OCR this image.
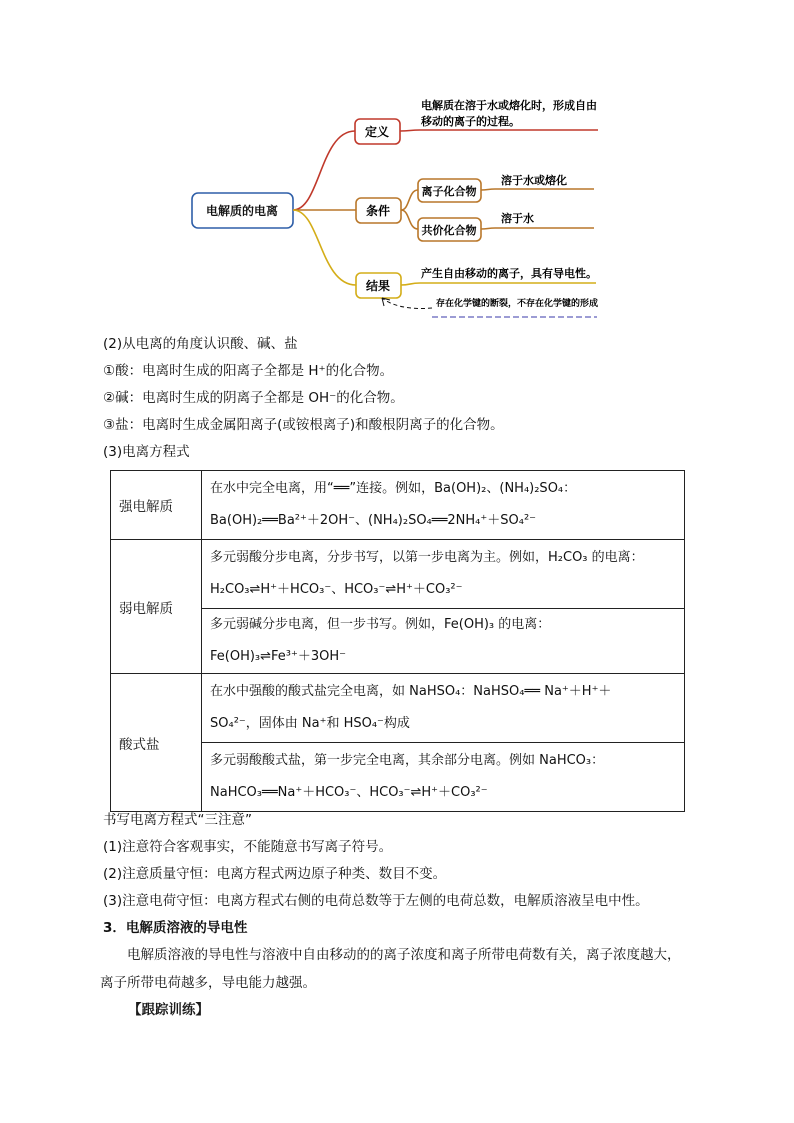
电解质的电离
定义
电解质在溶于水或熔化时，形成自由
移动的离子的过程。
条件
离子化合物
共价化合物
溶于水或熔化
溶于水
结果
产生自由移动的离子，具有导电性。
存在化学键的断裂，不存在化学键的形成
(2)从电离的角度认识酸、碱、盐
①酸：电离时生成的阳离子全都是 H⁺的化合物。
②碱：电离时生成的阴离子全都是 OH⁻的化合物。
③盐：电离时生成金属阳离子(或铵根离子)和酸根阴离子的化合物。
(3)电离方程式
强电解质	在水中完全电离，用“══”连接。例如，Ba(OH)₂、(NH₄)₂SO₄：
Ba(OH)₂══Ba²⁺＋2OH⁻、(NH₄)₂SO₄══2NH₄⁺＋SO₄²⁻

弱电解质	多元弱酸分步电离，分步书写，以第一步电离为主。例如，H₂CO₃ 的电离：
H₂CO₃⇌H⁺＋HCO₃⁻、HCO₃⁻⇌H⁺＋CO₃²⁻

	多元弱碱分步电离，但一步书写。例如，Fe(OH)₃ 的电离：
Fe(OH)₃⇌Fe³⁺＋3OH⁻

酸式盐	在水中强酸的酸式盐完全电离，如 NaHSO₄：NaHSO₄══ Na⁺＋H⁺＋
SO₄²⁻，固体由 Na⁺和 HSO₄⁻构成

	多元弱酸酸式盐，第一步完全电离，其余部分电离。例如 NaHCO₃：
NaHCO₃══Na⁺＋HCO₃⁻、HCO₃⁻⇌H⁺＋CO₃²⁻
书写电离方程式“三注意”
(1)注意符合客观事实，不能随意书写离子符号。
(2)注意质量守恒：电离方程式两边原子种类、数目不变。
(3)注意电荷守恒：电离方程式右侧的电荷总数等于左侧的电荷总数，电解质溶液呈电中性。
3．电解质溶液的导电性
电解质溶液的导电性与溶液中自由移动的的离子浓度和离子所带电荷数有关，离子浓度越大，离子所带电荷越多，导电能力越强。
【跟踪训练】
